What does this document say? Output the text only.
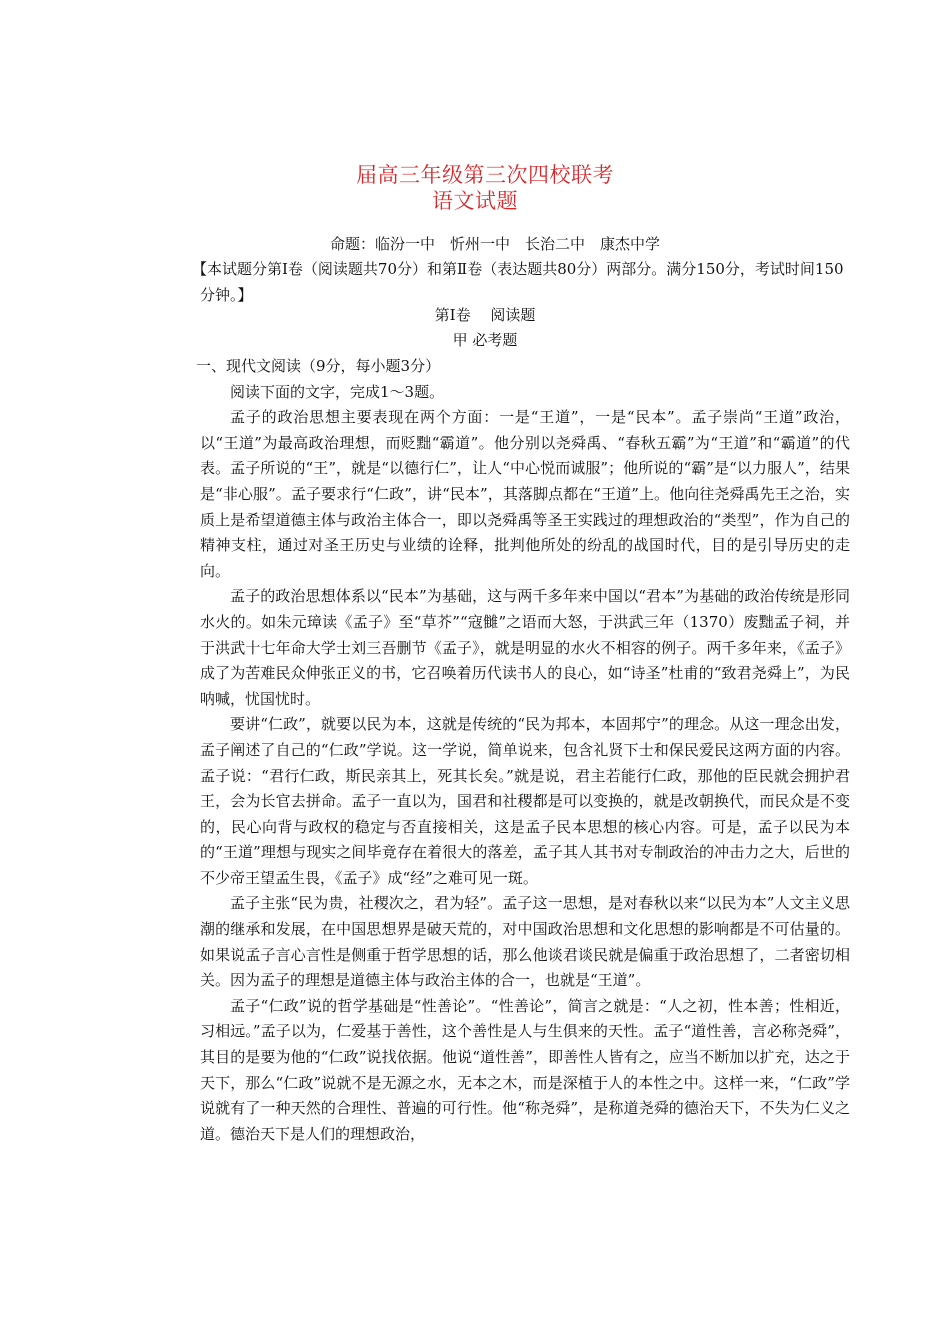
届高三年级第三次四校联考
语文试题
命题：临汾一中　忻州一中　长治二中　康杰中学
【本试题分第Ⅰ卷（阅读题共70分）和第Ⅱ卷（表达题共80分）两部分。满分150分，考试时间150分钟。】
第Ⅰ卷　 阅读题
甲 必考题

一、现代文阅读（9分，每小题3分）

阅读下面的文字，完成1～3题。

孟子的政治思想主要表现在两个方面：一是“王道”，一是“民本”。孟子崇尚“王道”政治，以“王道”为最高政治理想，而贬黜“霸道”。他分别以尧舜禹、“春秋五霸”为“王道”和“霸道”的代表。孟子所说的“王”，就是“以德行仁”，让人“中心悦而诚服”；他所说的“霸”是“以力服人”，结果是“非心服”。孟子要求行“仁政”，讲“民本”，其落脚点都在“王道”上。他向往尧舜禹先王之治，实质上是希望道德主体与政治主体合一，即以尧舜禹等圣王实践过的理想政治的“类型”，作为自己的精神支柱，通过对圣王历史与业绩的诠释，批判他所处的纷乱的战国时代，目的是引导历史的走向。

孟子的政治思想体系以“民本”为基础，这与两千多年来中国以“君本”为基础的政治传统是形同水火的。如朱元璋读《孟子》至“草芥”“寇雠”之语而大怒，于洪武三年（1370）废黜孟子祠，并于洪武十七年命大学士刘三吾删节《孟子》，就是明显的水火不相容的例子。两千多年来，《孟子》成了为苦难民众伸张正义的书，它召唤着历代读书人的良心，如“诗圣”杜甫的“致君尧舜上”，为民呐喊，忧国忧时。

要讲“仁政”，就要以民为本，这就是传统的“民为邦本，本固邦宁”的理念。从这一理念出发，孟子阐述了自己的“仁政”学说。这一学说，简单说来，包含礼贤下士和保民爱民这两方面的内容。孟子说：“君行仁政，斯民亲其上，死其长矣。”就是说，君主若能行仁政，那他的臣民就会拥护君王，会为长官去拼命。孟子一直以为，国君和社稷都是可以变换的，就是改朝换代，而民众是不变的，民心向背与政权的稳定与否直接相关，这是孟子民本思想的核心内容。可是，孟子以民为本的“王道”理想与现实之间毕竟存在着很大的落差，孟子其人其书对专制政治的冲击力之大，后世的不少帝王望孟生畏，《孟子》成“经”之难可见一斑。

孟子主张“民为贵，社稷次之，君为轻”。孟子这一思想，是对春秋以来“以民为本”人文主义思潮的继承和发展，在中国思想界是破天荒的，对中国政治思想和文化思想的影响都是不可估量的。如果说孟子言心言性是侧重于哲学思想的话，那么他谈君谈民就是偏重于政治思想了，二者密切相关。因为孟子的理想是道德主体与政治主体的合一，也就是“王道”。

孟子“仁政”说的哲学基础是“性善论”。“性善论”，简言之就是：“人之初，性本善；性相近，习相远。”孟子以为，仁爱基于善性，这个善性是人与生俱来的天性。孟子“道性善，言必称尧舜”，其目的是要为他的“仁政”说找依据。他说“道性善”，即善性人皆有之，应当不断加以扩充，达之于天下，那么“仁政”说就不是无源之水，无本之木，而是深植于人的本性之中。这样一来，“仁政”学说就有了一种天然的合理性、普遍的可行性。他“称尧舜”，是称道尧舜的德治天下，不失为仁义之道。德治天下是人们的理想政治，
